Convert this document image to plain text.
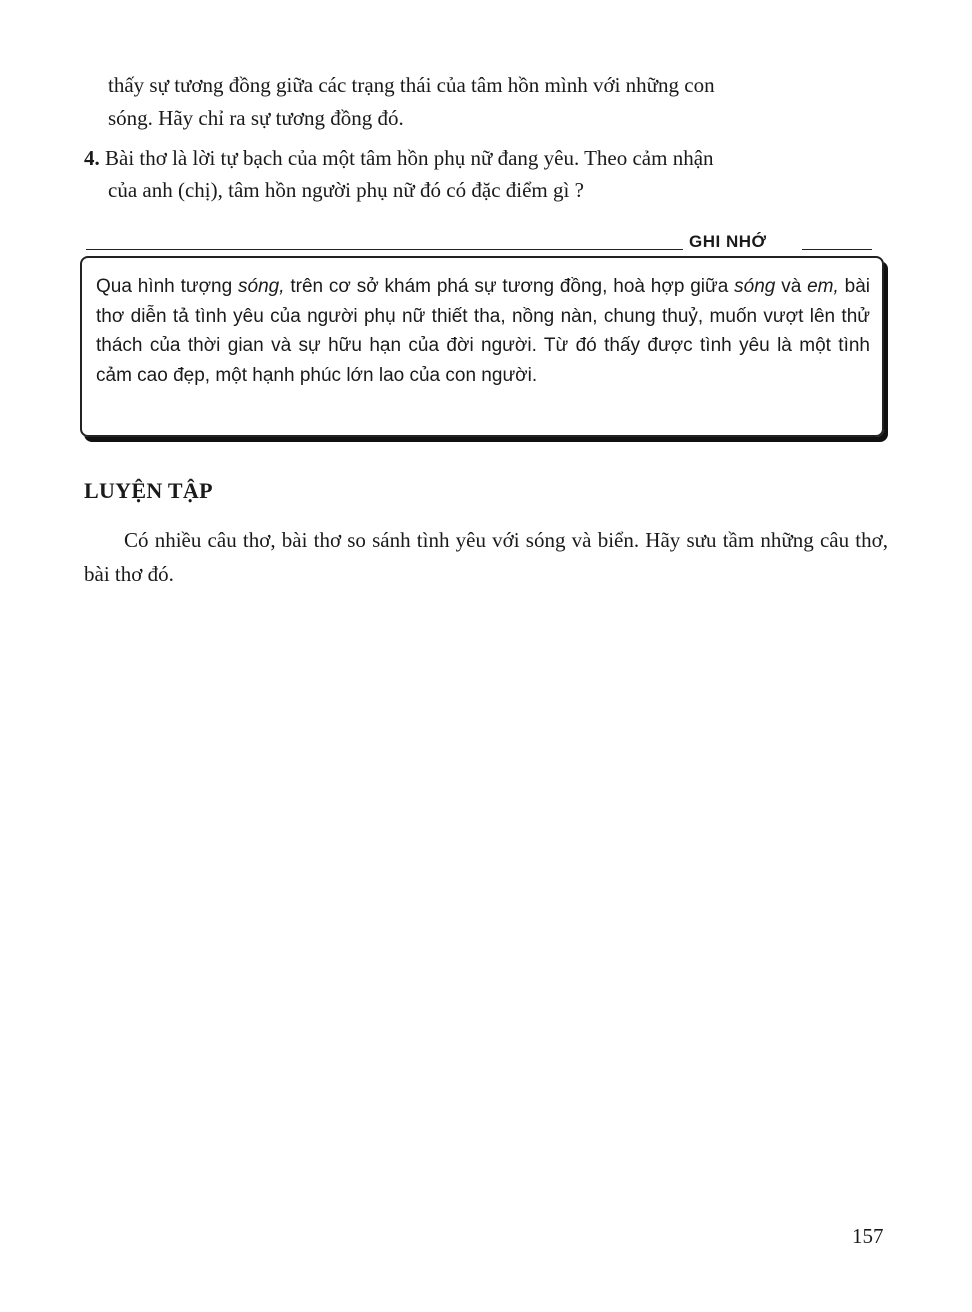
thấy sự tương đồng giữa các trạng thái của tâm hồn mình với những con
sóng. Hãy chỉ ra sự tương đồng đó.
4. Bài thơ là lời tự bạch của một tâm hồn phụ nữ đang yêu. Theo cảm nhận
của anh (chị), tâm hồn người phụ nữ đó có đặc điểm gì ?
GHI NHỚ

Qua hình tượng sóng, trên cơ sở khám phá sự tương đồng, hoà hợp giữa sóng và em, bài thơ diễn tả tình yêu của người phụ nữ thiết tha, nồng nàn, chung thuỷ, muốn vượt lên thử thách của thời gian và sự hữu hạn của đời người. Từ đó thấy được tình yêu là một tình cảm cao đẹp, một hạnh phúc lớn lao của con người.

LUYỆN TẬP

Có nhiều câu thơ, bài thơ so sánh tình yêu với sóng và biển. Hãy sưu tầm những câu thơ, bài thơ đó.

157
